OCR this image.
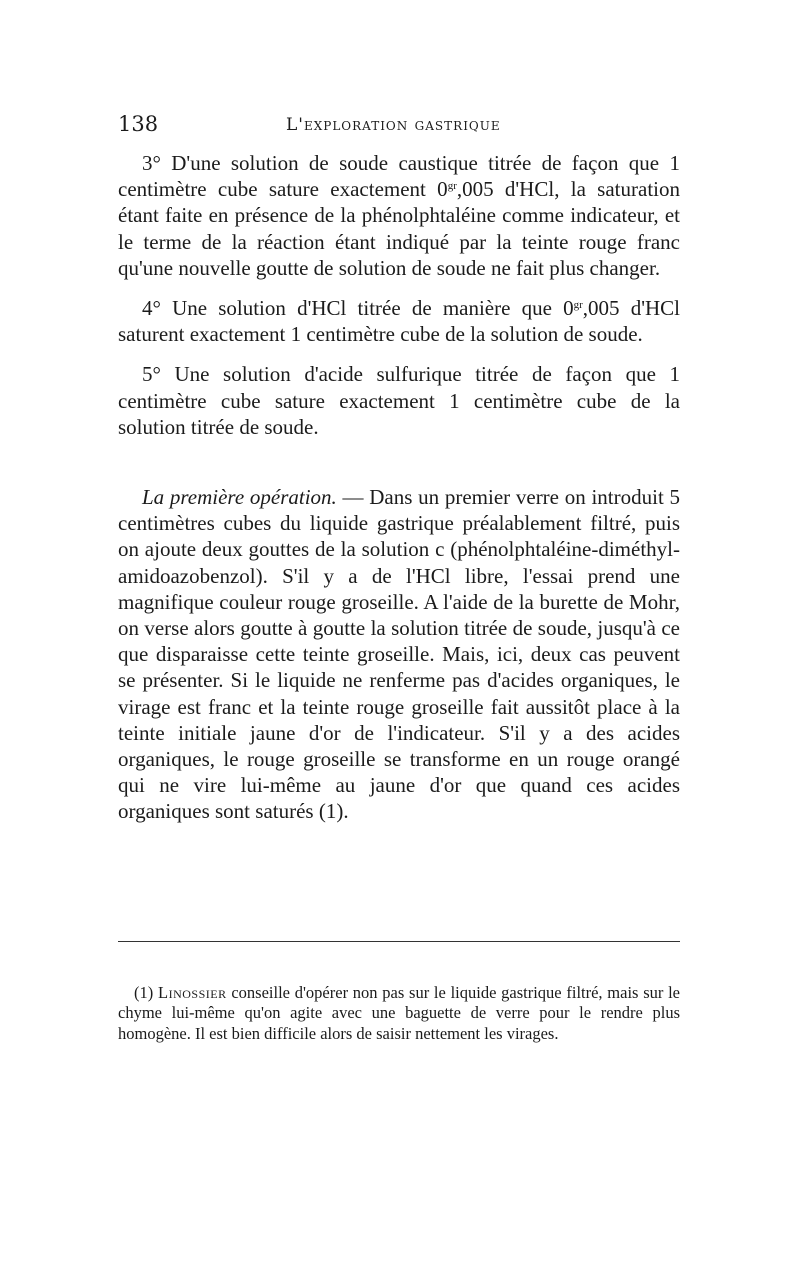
138	L'exploration gastrique

3° D'une solution de soude caustique titrée de façon que 1 centimètre cube sature exactement $0^{gr},005$ d'HCl, la saturation étant faite en présence de la phénolphtaléine comme indicateur, et le terme de la réaction étant indiqué par la teinte rouge franc qu'une nouvelle goutte de solution de soude ne fait plus changer.

4° Une solution d'HCl titrée de manière que $0^{gr},005$ d'HCl saturent exactement 1 centimètre cube de la solution de soude.

5° Une solution d'acide sulfurique titrée de façon que 1 centimètre cube sature exactement 1 centimètre cube de la solution titrée de soude.

La première opération. — Dans un premier verre on introduit 5 centimètres cubes du liquide gastrique préalablement filtré, puis on ajoute deux gouttes de la solution c (phénolphtaléine-diméthyl-amidoazobenzol). S'il y a de l'HCl libre, l'essai prend une magnifique couleur rouge groseille. A l'aide de la burette de Mohr, on verse alors goutte à goutte la solution titrée de soude, jusqu'à ce que disparaisse cette teinte groseille. Mais, ici, deux cas peuvent se présenter. Si le liquide ne renferme pas d'acides organiques, le virage est franc et la teinte rouge groseille fait aussitôt place à la teinte initiale jaune d'or de l'indicateur. S'il y a des acides organiques, le rouge groseille se transforme en un rouge orangé qui ne vire lui-même au jaune d'or que quand ces acides organiques sont saturés (1).

(1) Linossier conseille d'opérer non pas sur le liquide gastrique filtré, mais sur le chyme lui-même qu'on agite avec une baguette de verre pour le rendre plus homogène. Il est bien difficile alors de saisir nettement les virages.
